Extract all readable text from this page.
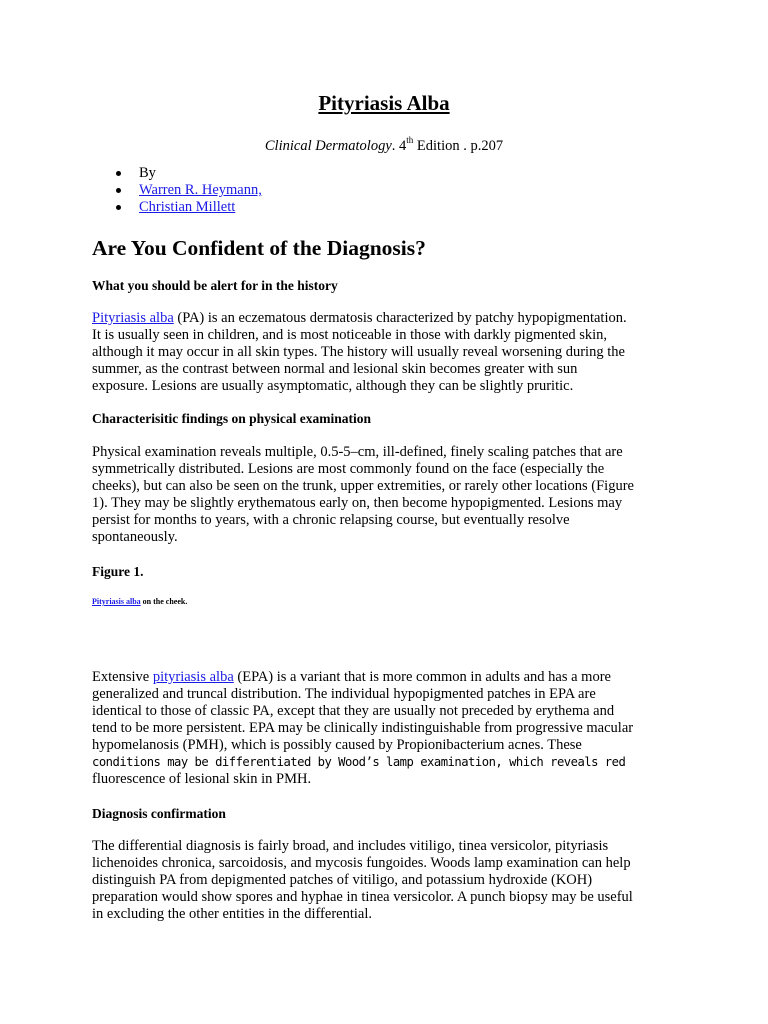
Pityriasis Alba
Clinical Dermatology. 4th Edition . p.207
By
Warren R. Heymann,
Christian Millett
Are You Confident of the Diagnosis?
What you should be alert for in the history
Pityriasis alba (PA) is an eczematous dermatosis characterized by patchy hypopigmentation.
It is usually seen in children, and is most noticeable in those with darkly pigmented skin,
although it may occur in all skin types. The history will usually reveal worsening during the
summer, as the contrast between normal and lesional skin becomes greater with sun
exposure. Lesions are usually asymptomatic, although they can be slightly pruritic.
Characterisitic findings on physical examination
Physical examination reveals multiple, 0.5-5–cm, ill-defined, finely scaling patches that are
symmetrically distributed. Lesions are most commonly found on the face (especially the
cheeks), but can also be seen on the trunk, upper extremities, or rarely other locations (Figure
1). They may be slightly erythematous early on, then become hypopigmented. Lesions may
persist for months to years, with a chronic relapsing course, but eventually resolve
spontaneously.
Figure 1.
Pityriasis alba on the cheek.
Extensive pityriasis alba (EPA) is a variant that is more common in adults and has a more
generalized and truncal distribution. The individual hypopigmented patches in EPA are
identical to those of classic PA, except that they are usually not preceded by erythema and
tend to be more persistent. EPA may be clinically indistinguishable from progressive macular
hypomelanosis (PMH), which is possibly caused by Propionibacterium acnes. These
conditions may be differentiated by Wood’s lamp examination, which reveals red
fluorescence of lesional skin in PMH.
Diagnosis confirmation
The differential diagnosis is fairly broad, and includes vitiligo, tinea versicolor, pityriasis
lichenoides chronica, sarcoidosis, and mycosis fungoides. Woods lamp examination can help
distinguish PA from depigmented patches of vitiligo, and potassium hydroxide (KOH)
preparation would show spores and hyphae in tinea versicolor. A punch biopsy may be useful
in excluding the other entities in the differential.
